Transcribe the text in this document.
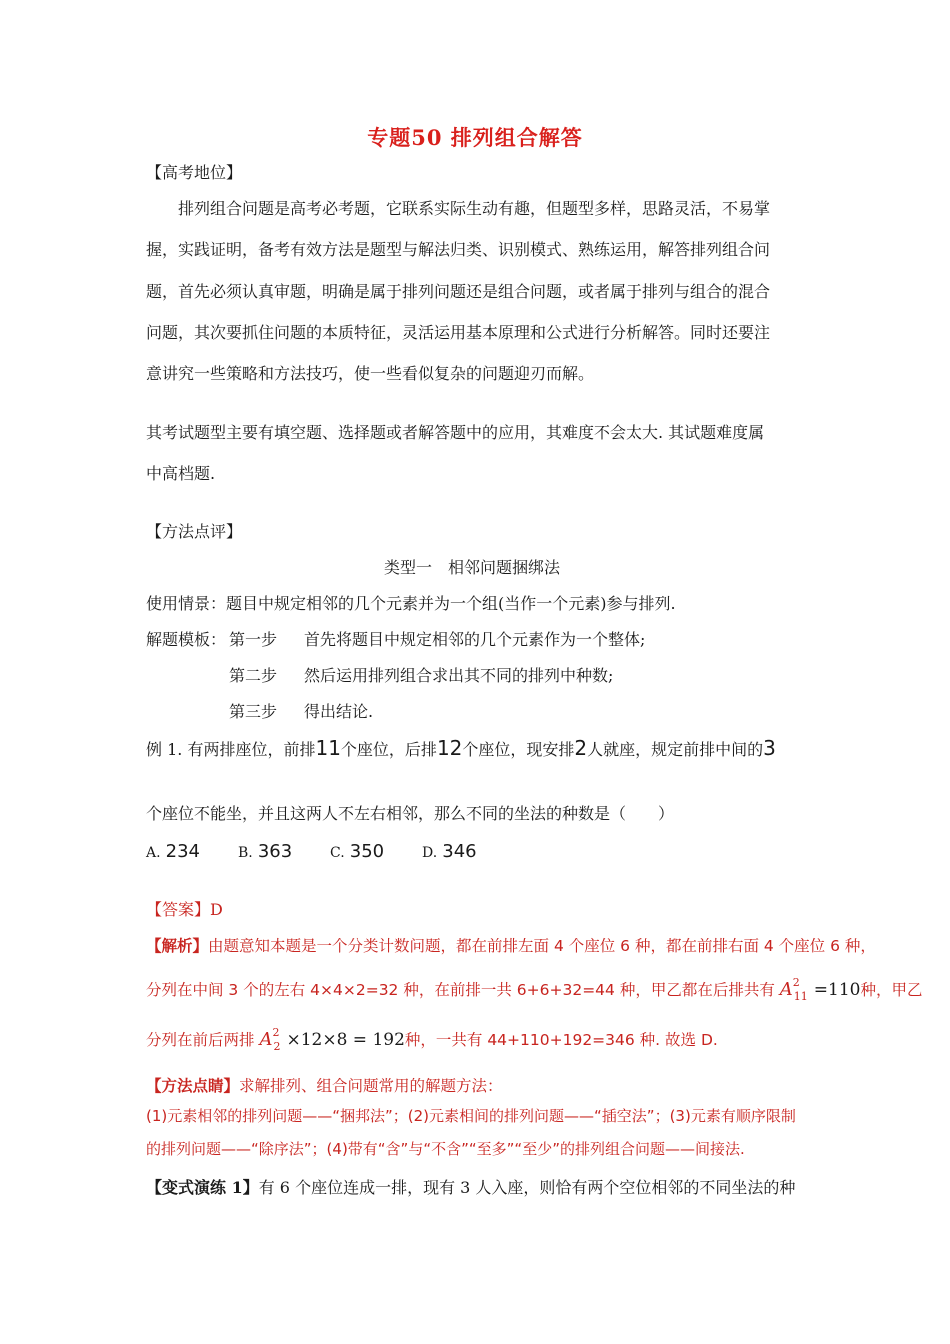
专题50 排列组合解答
【高考地位】
排列组合问题是高考必考题，它联系实际生动有趣，但题型多样，思路灵活，不易掌
握，实践证明，备考有效方法是题型与解法归类、识别模式、熟练运用，解答排列组合问
题，首先必须认真审题，明确是属于排列问题还是组合问题，或者属于排列与组合的混合
问题，其次要抓住问题的本质特征，灵活运用基本原理和公式进行分析解答。同时还要注
意讲究一些策略和方法技巧，使一些看似复杂的问题迎刃而解。
其考试题型主要有填空题、选择题或者解答题中的应用，其难度不会太大. 其试题难度属
中高档题.
【方法点评】
类型一　相邻问题捆绑法
使用情景：题目中规定相邻的几个元素并为一个组(当作一个元素)参与排列.
解题模板： 第一步 首先将题目中规定相邻的几个元素作为一个整体;
第二步 然后运用排列组合求出其不同的排列中种数;
第三步 得出结论.
例 1. 有两排座位，前排11个座位，后排12个座位，现安排2人就座，规定前排中间的3
个座位不能坐，并且这两人不左右相邻，那么不同的坐法的种数是（　　）
A. 234	B. 363	C. 350	D. 346
【答案】D
【解析】由题意知本题是一个分类计数问题，都在前排左面 4 个座位 6 种，都在前排右面 4 个座位 6 种，
分列在中间 3 个的左右 4×4×2=32 种，在前排一共 6+6+32=44 种，甲乙都在后排共有 $A^2_{11} =110$种，甲乙
分列在前后两排 $A^2_2 \times 12\times 8 = 192$种，一共有 44+110+192=346 种. 故选 D.
【方法点睛】求解排列、组合问题常用的解题方法：
(1)元素相邻的排列问题——“捆邦法”；(2)元素相间的排列问题——“插空法”；(3)元素有顺序限制
的排列问题——“除序法”；(4)带有“含”与“不含”“至多”“至少”的排列组合问题——间接法.
【变式演练 1】有 6 个座位连成一排，现有 3 人入座，则恰有两个空位相邻的不同坐法的种
